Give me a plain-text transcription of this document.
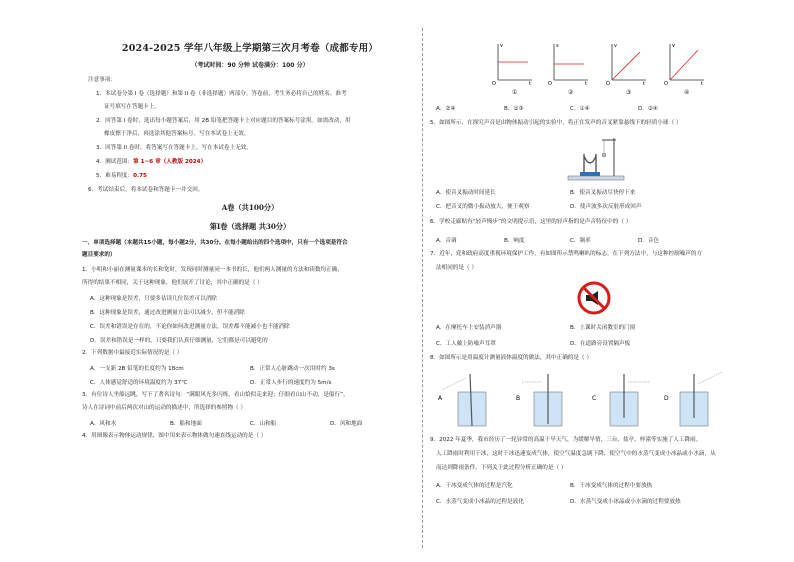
2024-2025 学年八年级上学期第三次月考卷（成都专用）
（考试时间：90 分钟 试卷满分：100 分）
注意事项：
1．本试卷分第 I 卷（选择题）和第 II 卷（非选择题）两部分。答卷前，考生务必将自己的姓名、准考
证号填写在答题卡上。
2．回答第 I 卷时，选出每小题答案后，用 2B 铅笔把答题卡上对应题目的答案标号涂黑。如需改动，用
橡皮擦干净后，再选涂其他答案标号。写在本试卷上无效。
3．回答第 II 卷时，将答案写在答题卡上。写在本试卷上无效。
4．测试范围：第 1~6 章（人教版 2024）
5．难易程度：0.75
6．考试结束后，将本试卷和答题卡一并交回。
A卷（共100分）
第Ⅰ卷（选择题 共30分）
一、单项选择题（本题共15小题，每小题2分，共30分。在每小题给出的四个选项中，只有一个选项是符合
题目要求的）
1．小明和小丽在测量课本的长和宽时，发现同时测量同一本书的长，他们两人测量的方法和读数均正确，
所得的结果不相同，关于这种现象，他们展开了讨论，其中正确的是（ ）
A．这种现象是误差，只要多估读几位误差可以消除
B．这种现象是误差，通过改进测量方法可以减少，但不能消除
C．误差和错误是存在的，不论你如何改进测量方法，误差都不能减小也不能消除
D．误差和错误是一样的，只要我们认真仔细测量，它们都是可以避免的
2．下列数据中最接近实际情况的是（ ）
A．一支新 2B 铅笔的长度约为 18cm	B．正常人心脏跳动一次用时约 3s
C．人体感觉舒适的环境温度约为 37℃	D．正常人步行的速度约为 5m/s
3．有位诗人坐船远眺，写下了著名诗句：“满眼风光多闪烁，看山恰似走来迎；仔细看山山不动，是船行”，
诗人在诗词中前后两次对山的运动的描述中，所选择的参照物（ ）
A．风和水	B．船和地面	C．山和船	D．风和地面
4．用图像表示物体运动规律，图中用来表示物体做匀速直线运动的是（ ）
v
t
O
s
t
O
v
t
O
v
t
O
①	②	③	④
A．②④	B．①③	C．①④	D．②④
5．如图所示，在探究声音是由物体振动引起的实验中，将正在发声的音叉紧靠悬线下的轻质小球（ ）
A．使音叉振动时间延长	B．使音叉振动尽快停下来
C．把音叉的微小振动放大，便于观察	D．使声波多次反射形成回声
6．学校走廊贴有“轻声慢步”的文明提示语，这里的轻声指的是声音特征中的（ ）
A．音调	B．响度	C．频率	D．音色
7．近年，党和政府高度重视环境保护工作，有如图所示禁鸣喇叭的标志。在下列方法中，与这种控制噪声的方
法相同的是（ ）
A．在摩托车上安装消声器	B．上课时关闭教室的门窗
C．工人戴上防噪声耳罩	D．在道路旁设置隔声板
8．如图所示是用温度计测量液体温度的做法，其中正确的是（ ）
A	B	C	D
9．2022 年夏季，我市经历了一轮异常的高温干旱天气，为缓解旱情，三台、盐亭、梓潼等实施了人工降雨。
人工降雨时利用干冰，这时干冰迅速变成气体，使空气温度急剧下降，使空气中的水蒸气变成小冰晶或小水滴，从
而达到降雨条件。下列关于此过程分析正确的是（ ）
A．干冰变成气体的过程是汽化	B．干冰变成气体的过程中要放热
C．水蒸气变成小冰晶的过程是液化	D．水蒸气变成小冰晶或小水滴的过程要放热
